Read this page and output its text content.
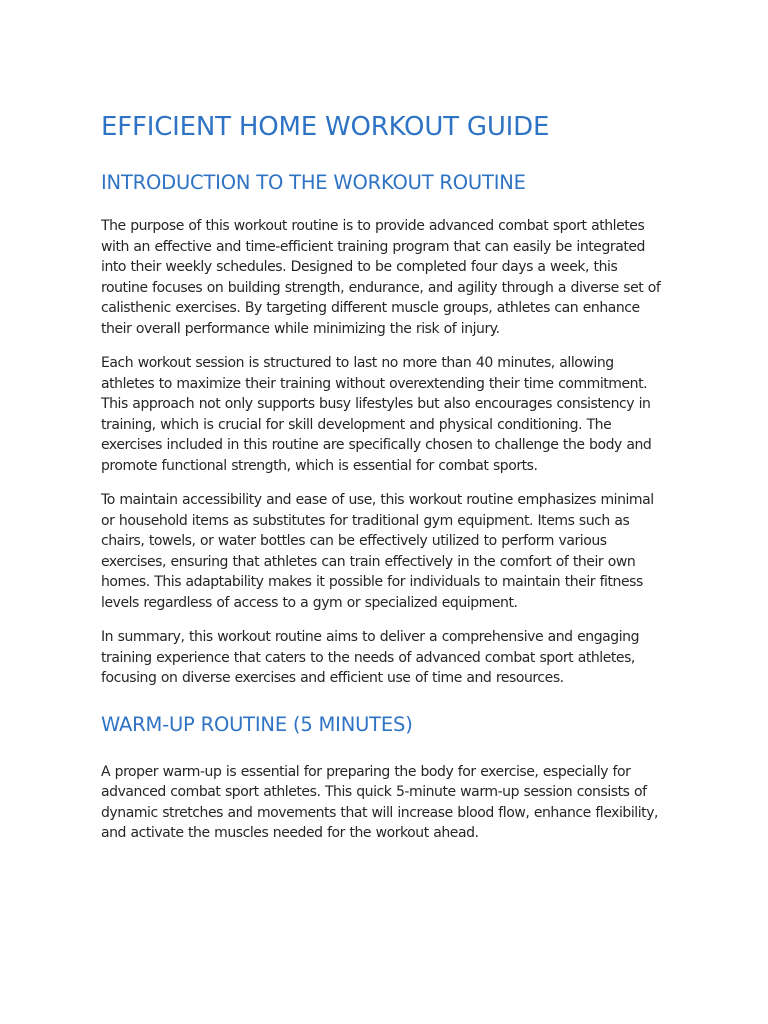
EFFICIENT HOME WORKOUT GUIDE
INTRODUCTION TO THE WORKOUT ROUTINE

The purpose of this workout routine is to provide advanced combat sport athletes with an effective and time-efficient training program that can easily be integrated into their weekly schedules. Designed to be completed four days a week, this routine focuses on building strength, endurance, and agility through a diverse set of calisthenic exercises. By targeting different muscle groups, athletes can enhance their overall performance while minimizing the risk of injury.

Each workout session is structured to last no more than 40 minutes, allowing athletes to maximize their training without overextending their time commitment. This approach not only supports busy lifestyles but also encourages consistency in training, which is crucial for skill development and physical conditioning. The exercises included in this routine are specifically chosen to challenge the body and promote functional strength, which is essential for combat sports.

To maintain accessibility and ease of use, this workout routine emphasizes minimal or household items as substitutes for traditional gym equipment. Items such as chairs, towels, or water bottles can be effectively utilized to perform various exercises, ensuring that athletes can train effectively in the comfort of their own homes. This adaptability makes it possible for individuals to maintain their fitness levels regardless of access to a gym or specialized equipment.

In summary, this workout routine aims to deliver a comprehensive and engaging training experience that caters to the needs of advanced combat sport athletes, focusing on diverse exercises and efficient use of time and resources.

WARM-UP ROUTINE (5 MINUTES)

A proper warm-up is essential for preparing the body for exercise, especially for advanced combat sport athletes. This quick 5-minute warm-up session consists of dynamic stretches and movements that will increase blood flow, enhance flexibility, and activate the muscles needed for the workout ahead.
